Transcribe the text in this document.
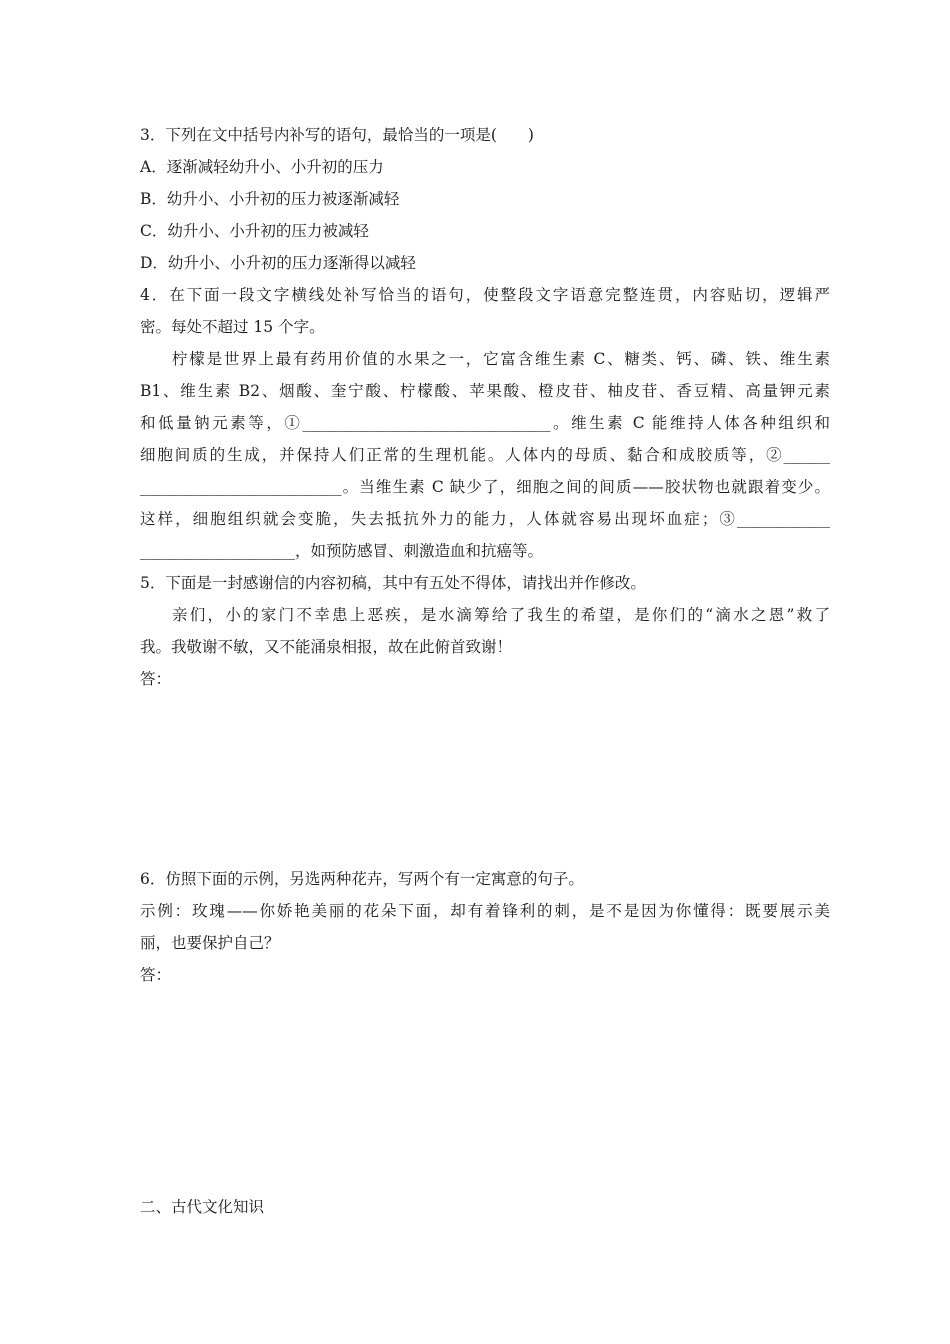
3．下列在文中括号内补写的语句，最恰当的一项是(　　)
A．逐渐减轻幼升小、小升初的压力
B．幼升小、小升初的压力被逐渐减轻
C．幼升小、小升初的压力被减轻
D．幼升小、小升初的压力逐渐得以减轻
4．在下面一段文字横线处补写恰当的语句，使整段文字语意完整连贯，内容贴切，逻辑严
密。每处不超过 15 个字。
柠檬是世界上最有药用价值的水果之一，它富含维生素 C、糖类、钙、磷、铁、维生素
B1、维生素 B2、烟酸、奎宁酸、柠檬酸、苹果酸、橙皮苷、柚皮苷、香豆精、高量钾元素
和低量钠元素等，①________________________________。维生素 C 能维持人体各种组织和
细胞间质的生成，并保持人们正常的生理机能。人体内的母质、黏合和成胶质等，②______
__________________________。当维生素 C 缺少了，细胞之间的间质——胶状物也就跟着变少。
这样，细胞组织就会变脆，失去抵抗外力的能力，人体就容易出现坏血症；③____________
____________________，如预防感冒、刺激造血和抗癌等。
5．下面是一封感谢信的内容初稿，其中有五处不得体，请找出并作修改。
亲们，小的家门不幸患上恶疾，是水滴筹给了我生的希望，是你们的“滴水之恩”救了
我。我敬谢不敏，又不能涌泉相报，故在此俯首致谢！
答：
6．仿照下面的示例，另选两种花卉，写两个有一定寓意的句子。
示例：玫瑰——你娇艳美丽的花朵下面，却有着锋利的刺，是不是因为你懂得：既要展示美
丽，也要保护自己？
答：
二、古代文化知识
